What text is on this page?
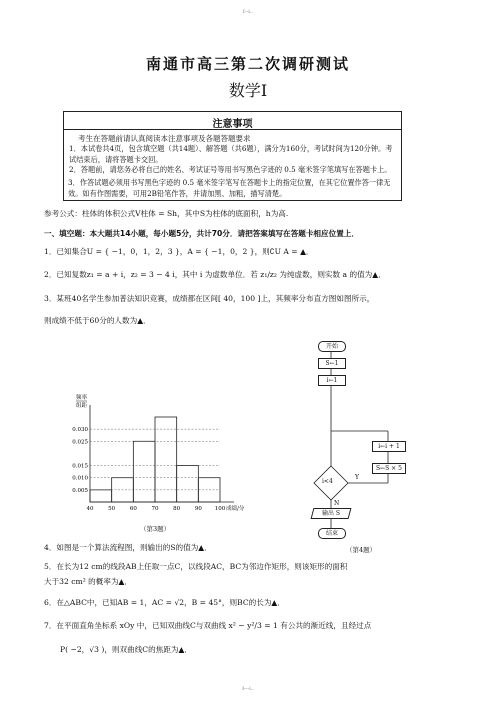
I--i..
南通市高三第二次调研测试
数学Ⅰ
注意事项
考生在答题前请认真阅读本注意事项及各题答题要求
1．本试卷共4页，包含填空题（共14题）、解答题（共6题），满分为160分，考试时间为120分钟。考试结束后，请将答题卡交回。
2．答题前，请您务必将自己的姓名、考试证号等用书写黑色字迹的 0.5 毫米签字笔填写在答题卡上。
参考公式：柱体的体积公式V柱体 = Sh，其中S为柱体的底面积，h为高.
一、填空题：本大题共14小题，每小题5分，共计70分．请把答案填写在答题卡相应位置上．
1．已知集合U = { −1，0，1，2，3 }，A = { −1，0，2 }，则∁U A = ▲．
2．已知复数z₁ = a + i，z₂ = 3 − 4 i，其中 i 为虚数单位．若 z₁/z₂ 为纯虚数，则实数 a 的值为▲．
3．某班40名学生参加普法知识竞赛，成绩都在区间[ 40，100 ]上，其频率分布直方图如图所示，
则成绩不低于60分的人数为▲．
0.030
0.025
0.015
0.010
0.005
40	50	60	70	80	90 100 成绩/分
频率
组距
（第3题）
开始
S←1
i←1
i←i + 1
S←S × 5
i<4
Y
N
输出 S
结束
（第4题）
4．如图是一个算法流程图，则输出的S的值为▲．
5．在长为12 cm的线段AB上任取一点C，以线段AC，BC为邻边作矩形，则该矩形的面积
大于32 cm² 的概率为▲．
6．在△ABC中，已知AB = 1，AC = √2，B = 45°，则BC的长为▲．
7．在平面直角坐标系 xOy 中，已知双曲线C与双曲线 x² − y²/3 = 1 有公共的渐近线，且经过点
P( −2，√3 )，则双曲线C的焦距为▲．
I---i..
3．作答试题必须用书写黑色字迹的 0.5 毫米签字笔写在答题卡上的指定位置，在其它位置作答一律无效。如有作图需要，可用2B铅笔作答，并请加黑、加粗，描写清楚。
